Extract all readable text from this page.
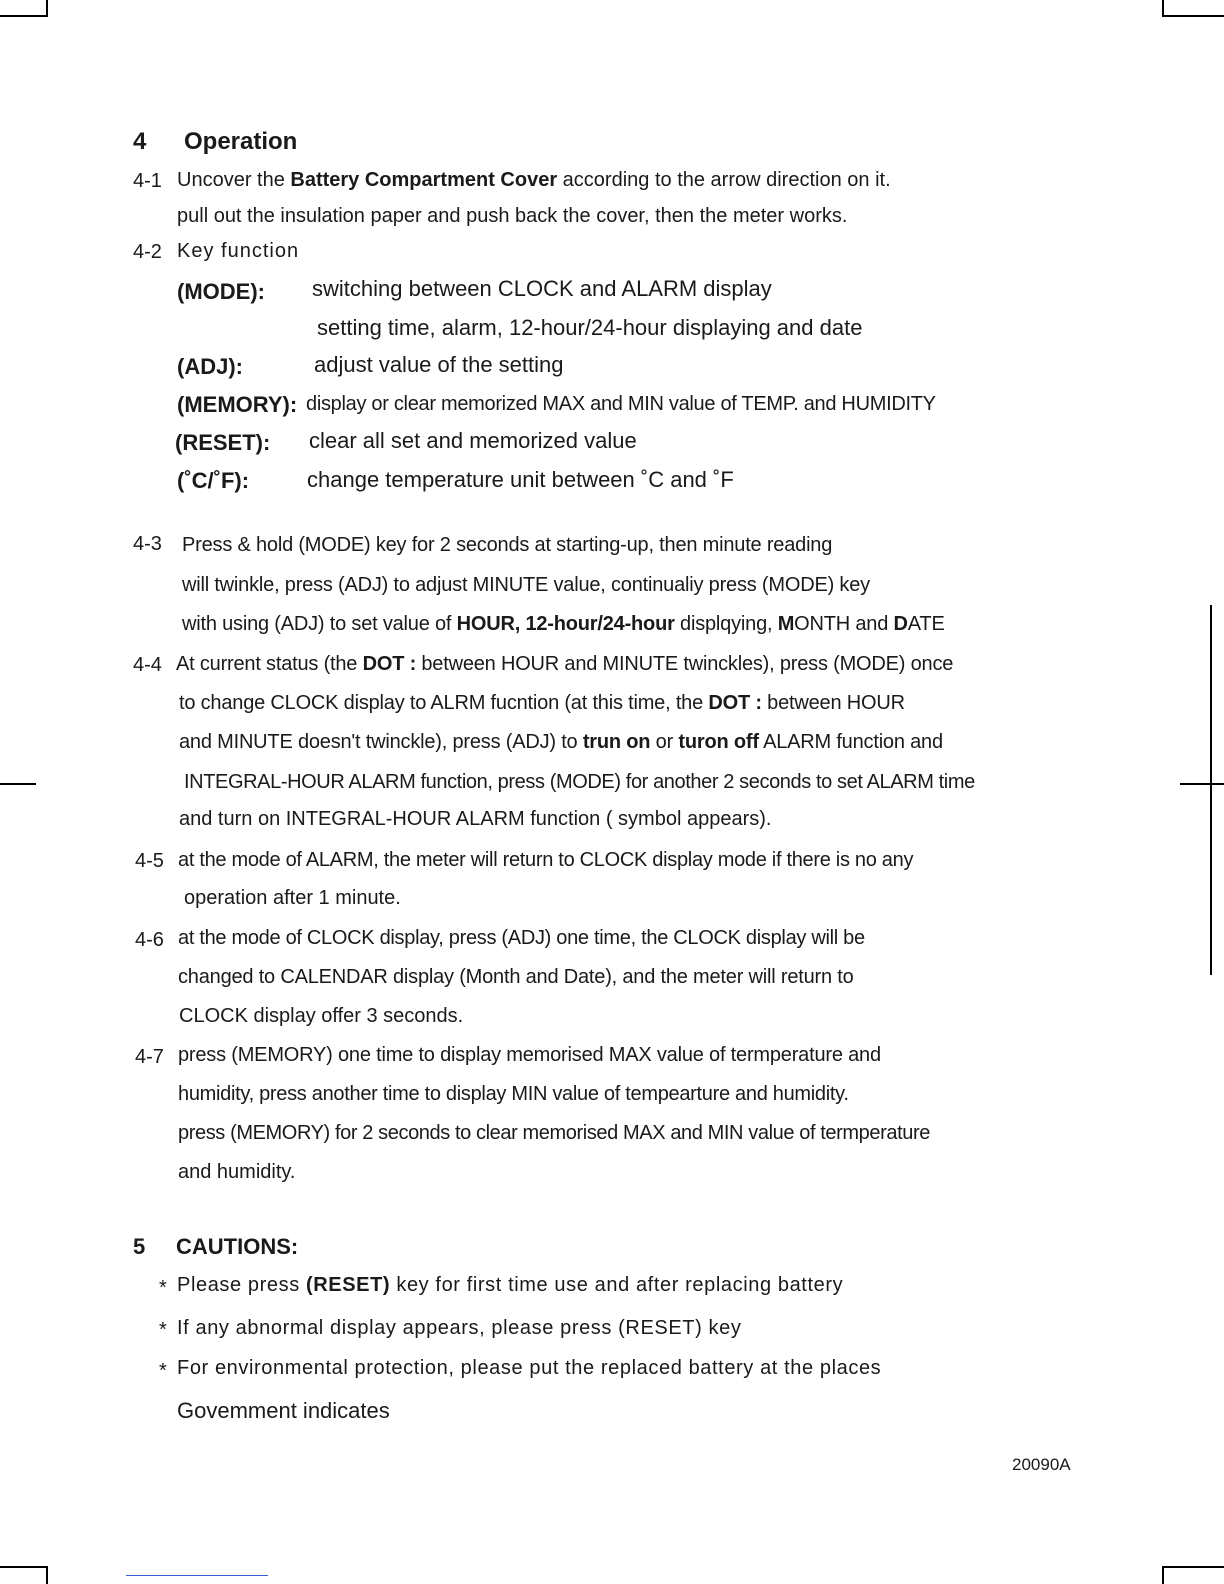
4 Operation
4-1 Uncover the Battery Compartment Cover according to the arrow direction on it.
pull out the insulation paper and push back the cover, then the meter works.
4-2 Key function
(MODE): switching between CLOCK and ALARM display
setting time, alarm, 12-hour/24-hour displaying and date
(ADJ):	adjust value of the setting
(MEMORY): display or clear memorized MAX and MIN value of TEMP. and HUMIDITY
(RESET): clear all set and memorized value
(˚C/˚F):	change temperature unit between ˚C and ˚F
4-3 Press & hold (MODE) key for 2 seconds at starting-up, then minute reading
will twinkle, press (ADJ) to adjust MINUTE value, continualiy press (MODE) key
with using (ADJ) to set value of HOUR, 12-hour/24-hour displqying, MONTH and DATE
4-4 At current status (the DOT : between HOUR and MINUTE twinckles), press (MODE) once
to change CLOCK display to ALRM fucntion (at this time, the DOT : between HOUR
and MINUTE doesn't twinckle), press (ADJ) to trun on or turon off ALARM function and
INTEGRAL-HOUR ALARM function, press (MODE) for another 2 seconds to set ALARM time
and turn on INTEGRAL-HOUR ALARM function ( symbol appears).
4-5 at the mode of ALARM, the meter will return to CLOCK display mode if there is no any
operation after 1 minute.
4-6 at the mode of CLOCK display, press (ADJ) one time, the CLOCK display will be
changed to CALENDAR display (Month and Date), and the meter will return to
CLOCK display offer 3 seconds.
4-7 press (MEMORY) one time to display memorised MAX value of termperature and
humidity, press another time to display MIN value of tempearture and humidity.
press (MEMORY) for 2 seconds to clear memorised MAX and MIN value of termperature
and humidity.
5 CAUTIONS:
* Please press (RESET) key for first time use and after replacing battery
* If any abnormal display appears, please press (RESET) key
* For environmental protection, please put the replaced battery at the places
Govemment indicates
20090A
